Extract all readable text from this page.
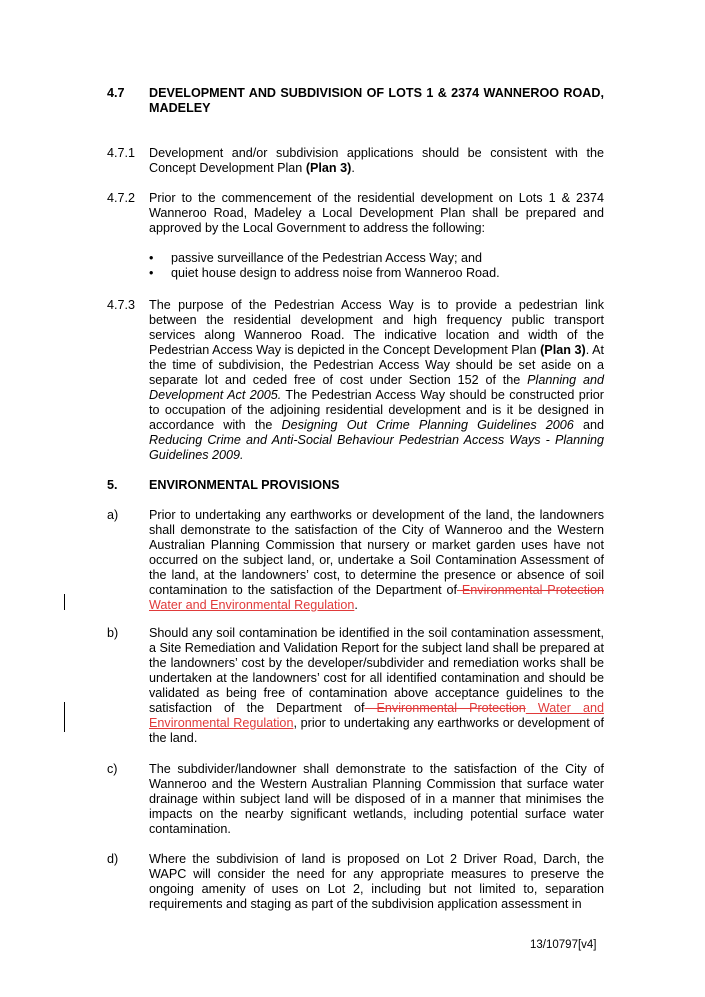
4.7 DEVELOPMENT AND SUBDIVISION OF LOTS 1 & 2374 WANNEROO ROAD, MADELEY
4.7.1 Development and/or subdivision applications should be consistent with the Concept Development Plan (Plan 3).
4.7.2 Prior to the commencement of the residential development on Lots 1 & 2374 Wanneroo Road, Madeley a Local Development Plan shall be prepared and approved by the Local Government to address the following:
• passive surveillance of the Pedestrian Access Way; and
• quiet house design to address noise from Wanneroo Road.
4.7.3 The purpose of the Pedestrian Access Way is to provide a pedestrian link between the residential development and high frequency public transport services along Wanneroo Road. The indicative location and width of the Pedestrian Access Way is depicted in the Concept Development Plan (Plan 3). At the time of subdivision, the Pedestrian Access Way should be set aside on a separate lot and ceded free of cost under Section 152 of the Planning and Development Act 2005. The Pedestrian Access Way should be constructed prior to occupation of the adjoining residential development and is it be designed in accordance with the Designing Out Crime Planning Guidelines 2006 and Reducing Crime and Anti-Social Behaviour Pedestrian Access Ways - Planning Guidelines 2009.
5. ENVIRONMENTAL PROVISIONS
a) Prior to undertaking any earthworks or development of the land, the landowners shall demonstrate to the satisfaction of the City of Wanneroo and the Western Australian Planning Commission that nursery or market garden uses have not occurred on the subject land, or, undertake a Soil Contamination Assessment of the land, at the landowners’ cost, to determine the presence or absence of soil contamination to the satisfaction of the Department of Environmental Protection Water and Environmental Regulation.
b) Should any soil contamination be identified in the soil contamination assessment, a Site Remediation and Validation Report for the subject land shall be prepared at the landowners’ cost by the developer/subdivider and remediation works shall be undertaken at the landowners’ cost for all identified contamination and should be validated as being free of contamination above acceptance guidelines to the satisfaction of the Department of Environmental Protection Water and Environmental Regulation, prior to undertaking any earthworks or development of the land.
c)	The subdivider/landowner shall demonstrate to the satisfaction of the City of Wanneroo and the Western Australian Planning Commission that surface water drainage within subject land will be disposed of in a manner that minimises the impacts on the nearby significant wetlands, including potential surface water contamination.
d) Where the subdivision of land is proposed on Lot 2 Driver Road, Darch, the WAPC will consider the need for any appropriate measures to preserve the ongoing amenity of uses on Lot 2, including but not limited to, separation requirements and staging as part of the subdivision application assessment in
13/10797[v4]
